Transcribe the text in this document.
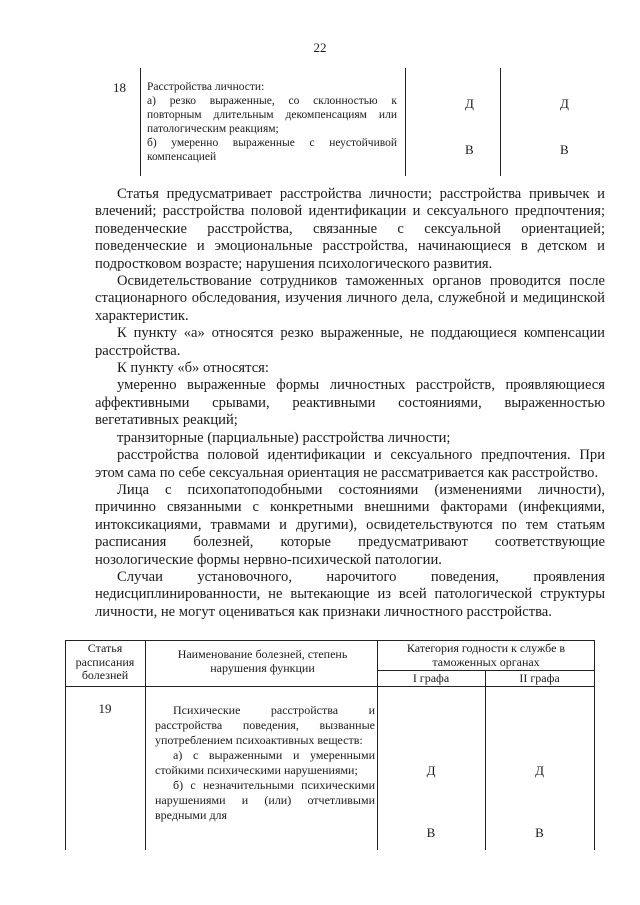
22
18 Расстройства личности:
а) резко выраженные, со склонностью к повторным длительным декомпенсациям или патологическим реакциям;
б) умеренно выраженные с неустойчивой компенсацией
Д	Д
В	В

Статья предусматривает расстройства личности; расстройства привычек и влечений; расстройства половой идентификации и сексуального предпочтения; поведенческие расстройства, связанные с сексуальной ориентацией; поведенческие и эмоциональные расстройства, начинающиеся в детском и подростковом возрасте; нарушения психологического развития.

Освидетельствование сотрудников таможенных органов проводится после стационарного обследования, изучения личного дела, служебной и медицинской характеристик.

К пункту «а» относятся резко выраженные, не поддающиеся компенсации расстройства.

К пункту «б» относятся:

умеренно выраженные формы личностных расстройств, проявляющиеся аффективными срывами, реактивными состояниями, выраженностью вегетативных реакций;

транзиторные (парциальные) расстройства личности;

расстройства половой идентификации и сексуального предпочтения. При этом сама по себе сексуальная ориентация не рассматривается как расстройство.

Лица с психопатоподобными состояниями (изменениями личности), причинно связанными с конкретными внешними факторами (инфекциями, интоксикациями, травмами и другими), освидетельствуются по тем статьям расписания болезней, которые предусматривают соответствующие нозологические формы нервно-психической патологии.

Случаи установочного, нарочитого поведения, проявления недисциплинированности, не вытекающие из всей патологической структуры личности, не могут оцениваться как признаки личностного расстройства.

Статья расписания болезней
Наименование болезней, степень нарушения функции
Категория годности к службе в таможенных органах
I графа	II графа
19	Психические расстройства и расстройства поведения, вызванные употреблением психоактивных веществ:

а) с выраженными и умеренными стойкими психическими нарушениями;

б) с незначительными психическими нарушениями и (или) отчетливыми вредными для

Д	Д
В	В
